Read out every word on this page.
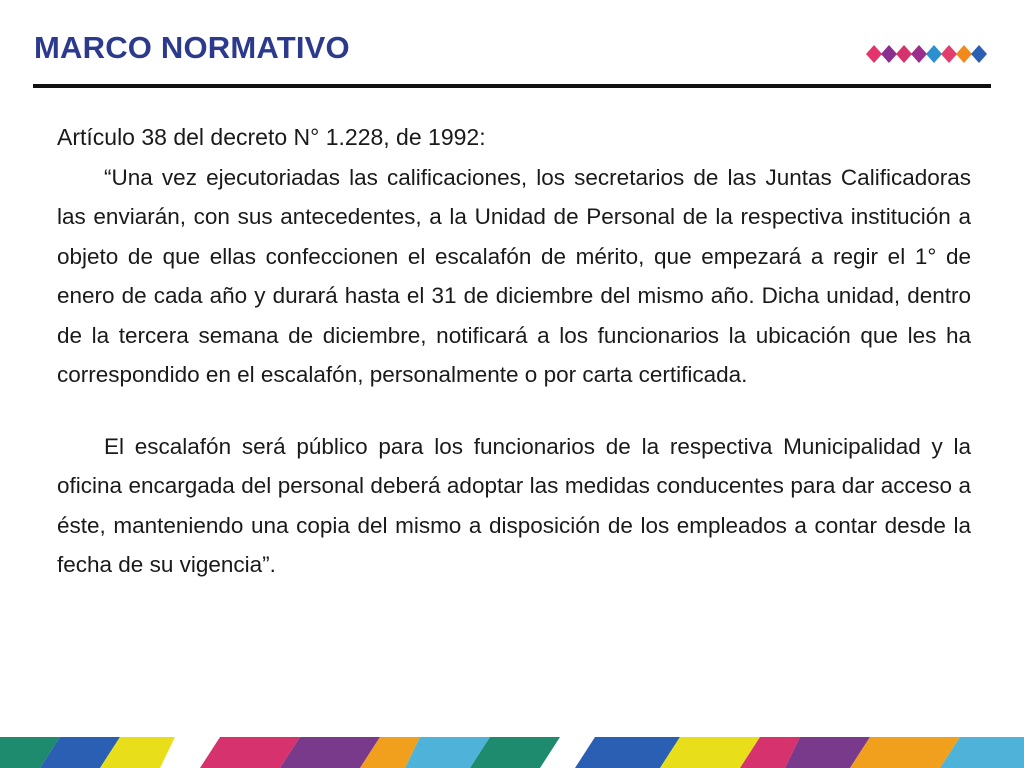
MARCO NORMATIVO

Artículo 38 del decreto N° 1.228, de 1992:

“Una vez ejecutoriadas las calificaciones, los secretarios de las Juntas Calificadoras las enviarán, con sus antecedentes, a la Unidad de Personal de la respectiva institución a objeto de que ellas confeccionen el escalafón de mérito, que empezará a regir el 1° de enero de cada año y durará hasta el 31 de diciembre del mismo año. Dicha unidad, dentro de la tercera semana de diciembre, notificará a los funcionarios la ubicación que les ha correspondido en el escalafón, personalmente o por carta certificada.

El escalafón será público para los funcionarios de la respectiva Municipalidad y la oficina encargada del personal deberá adoptar las medidas conducentes para dar acceso a éste, manteniendo una copia del mismo a disposición de los empleados a contar desde la fecha de su vigencia”.
